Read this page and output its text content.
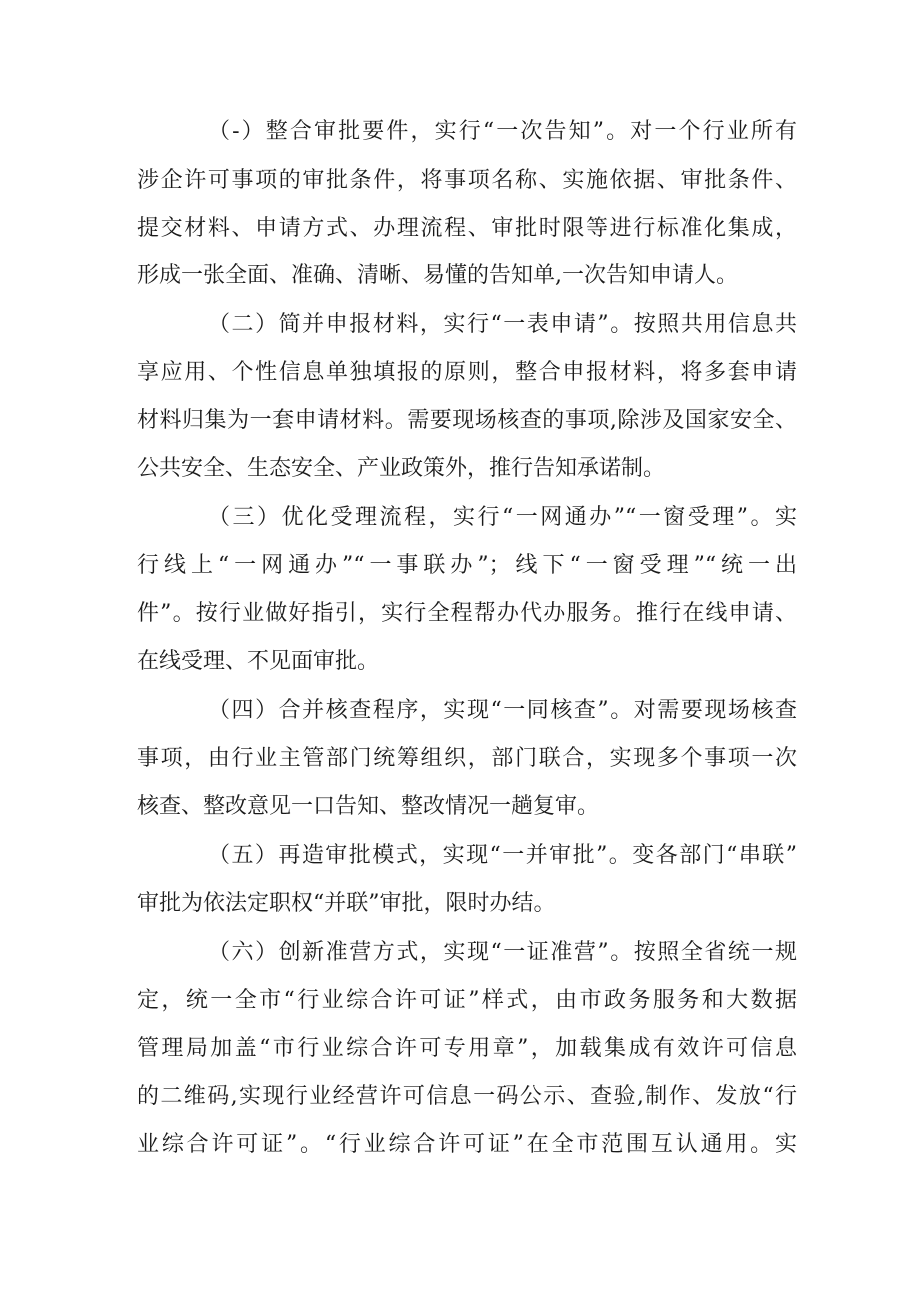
（-）整合审批要件，实行“一次告知”。对一个行业所有
涉企许可事项的审批条件，将事项名称、实施依据、审批条件、
提交材料、申请方式、办理流程、审批时限等进行标准化集成，
形成一张全面、准确、清晰、易懂的告知单,一次告知申请人。
（二）简并申报材料，实行“一表申请”。按照共用信息共
享应用、个性信息单独填报的原则，整合申报材料，将多套申请
材料归集为一套申请材料。需要现场核查的事项,除涉及国家安全、
公共安全、生态安全、产业政策外，推行告知承诺制。
（三）优化受理流程，实行“一网通办”“一窗受理”。实
行线上“一网通办”“一事联办”；线下“一窗受理”“统一出
件”。按行业做好指引，实行全程帮办代办服务。推行在线申请、
在线受理、不见面审批。
（四）合并核查程序，实现“一同核查”。对需要现场核查
事项，由行业主管部门统筹组织，部门联合，实现多个事项一次
核查、整改意见一口告知、整改情况一趟复审。
（五）再造审批模式，实现“一并审批”。变各部门“串联”
审批为依法定职权“并联”审批，限时办结。
（六）创新准营方式，实现“一证准营”。按照全省统一规
定，统一全市“行业综合许可证”样式，由市政务服务和大数据
管理局加盖“市行业综合许可专用章”，加载集成有效许可信息
的二维码,实现行业经营许可信息一码公示、查验,制作、发放“行
业综合许可证”。“行业综合许可证”在全市范围互认通用。实
